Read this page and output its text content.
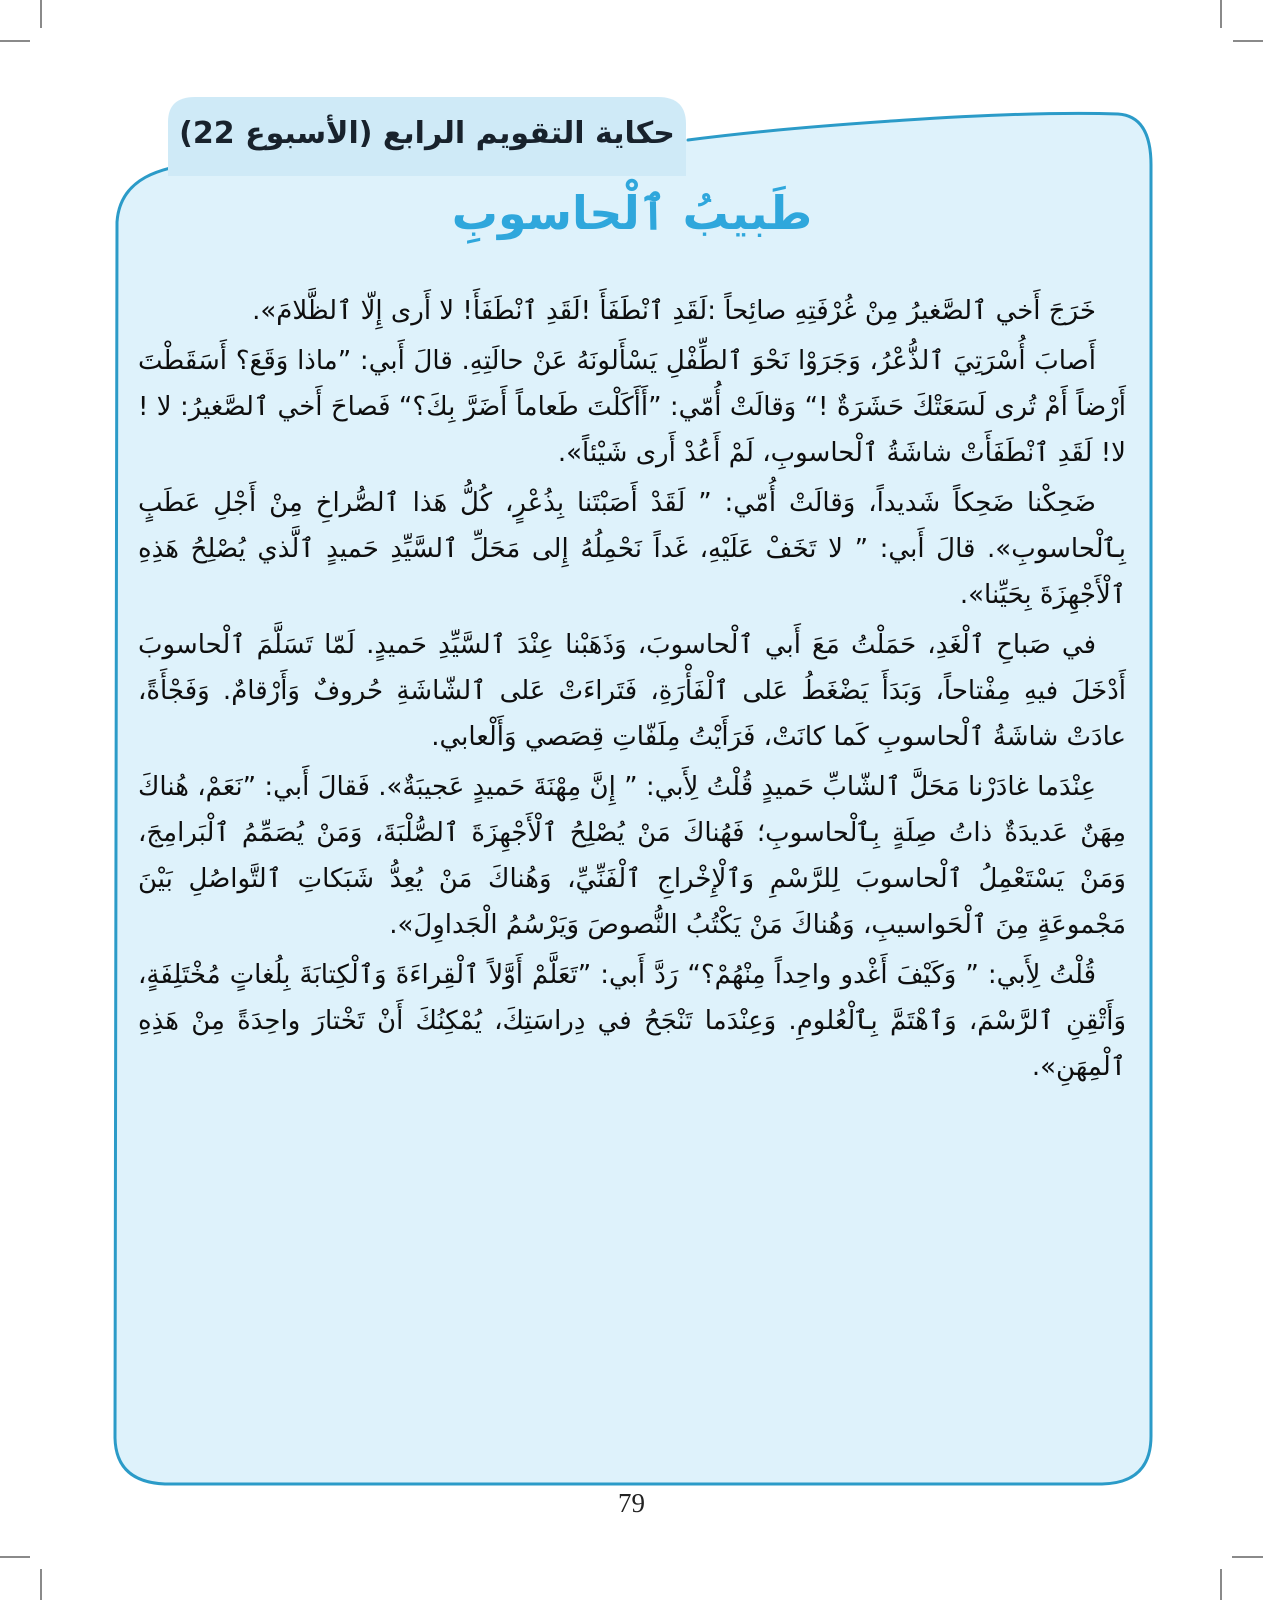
حكاية التقويم الرابع (الأسبوع 22)
طَبيبُ ٱلْحاسوبِ

خَرَجَ أَخي ٱلصَّغيرُ مِنْ غُرْفَتِهِ صائِحاً :لَقَدِ ٱنْطَفَأَ !لَقَدِ ٱنْطَفَأَ! لا أَرى إِلّا ٱلظَّلامَ».

أَصابَ أُسْرَتِيَ ٱلذُّعْرُ، وَجَرَوْا نَحْوَ ٱلطِّفْلِ يَسْأَلونَهُ عَنْ حالَتِهِ. قالَ أَبي: ”ماذا وَقَعَ؟ أَسَقَطْتَ أَرْضاً أَمْ تُرى لَسَعَتْكَ حَشَرَةٌ !“ وَقالَتْ أُمّي: ”أَأَكَلْتَ طَعاماً أَضَرَّ بِكَ؟“ فَصاحَ أَخي ٱلصَّغيرُ: لا !لا! لَقَدِ ٱنْطَفَأَتْ شاشَةُ ٱلْحاسوبِ، لَمْ أَعُدْ أَرى شَيْئاً».

ضَحِكْنا ضَحِكاً شَديداً، وَقالَتْ أُمّي: ” لَقَدْ أَصَبْتَنا بِذُعْرٍ، كُلُّ هَذا ٱلصُّراخِ مِنْ أَجْلِ عَطَبٍ بِٱلْحاسوبِ». قالَ أَبي: ” لا تَخَفْ عَلَيْهِ، غَداً نَحْمِلُهُ إِلى مَحَلِّ ٱلسَّيِّدِ حَميدٍ ٱلَّذي يُصْلِحُ هَذِهِ ٱلْأَجْهِزَةَ بِحَيِّنا».

في صَباحِ ٱلْغَدِ، حَمَلْتُ مَعَ أَبي ٱلْحاسوبَ، وَذَهَبْنا عِنْدَ ٱلسَّيِّدِ حَميدٍ. لَمّا تَسَلَّمَ ٱلْحاسوبَ أَدْخَلَ فيهِ مِفْتاحاً، وَبَدَأَ يَضْغَطُ عَلى ٱلْفَأْرَةِ، فَتَراءَتْ عَلى ٱلشّاشَةِ حُروفٌ وَأَرْقامٌ. وَفَجْأَةً، عادَتْ شاشَةُ ٱلْحاسوبِ كَما كانَتْ، فَرَأَيْتُ مِلَفّاتِ قِصَصي وَأَلْعابي.

عِنْدَما غادَرْنا مَحَلَّ ٱلشّابِّ حَميدٍ قُلْتُ لِأَبي: ” إِنَّ مِهْنَةَ حَميدٍ عَجيبَةٌ». فَقالَ أَبي: ”نَعَمْ، هُناكَ مِهَنٌ عَديدَةٌ ذاتُ صِلَةٍ بِٱلْحاسوبِ؛ فَهُناكَ مَنْ يُصْلِحُ ٱلْأَجْهِزَةَ ٱلصُّلْبَةَ، وَمَنْ يُصَمِّمُ ٱلْبَرامِجَ، وَمَنْ يَسْتَعْمِلُ ٱلْحاسوبَ لِلرَّسْمِ وَٱلْإِخْراجِ ٱلْفَنِّيِّ، وَهُناكَ مَنْ يُعِدُّ شَبَكاتِ ٱلتَّواصُلِ بَيْنَ مَجْموعَةٍ مِنَ ٱلْحَواسيبِ، وَهُناكَ مَنْ يَكْتُبُ النُّصوصَ وَيَرْسُمُ الْجَداوِلَ».

قُلْتُ لِأَبي: ” وَكَيْفَ أَغْدو واحِداً مِنْهُمْ؟“ رَدَّ أَبي: ”تَعَلَّمْ أَوَّلاً ٱلْقِراءَةَ وَٱلْكِتابَةَ بِلُغاتٍ مُخْتَلِفَةٍ، وَأَتْقِنِ ٱلرَّسْمَ، وَٱهْتَمَّ بِٱلْعُلومِ. وَعِنْدَما تَنْجَحُ في دِراسَتِكَ، يُمْكِنُكَ أَنْ تَخْتارَ واحِدَةً مِنْ هَذِهِ ٱلْمِهَنِ».

79
